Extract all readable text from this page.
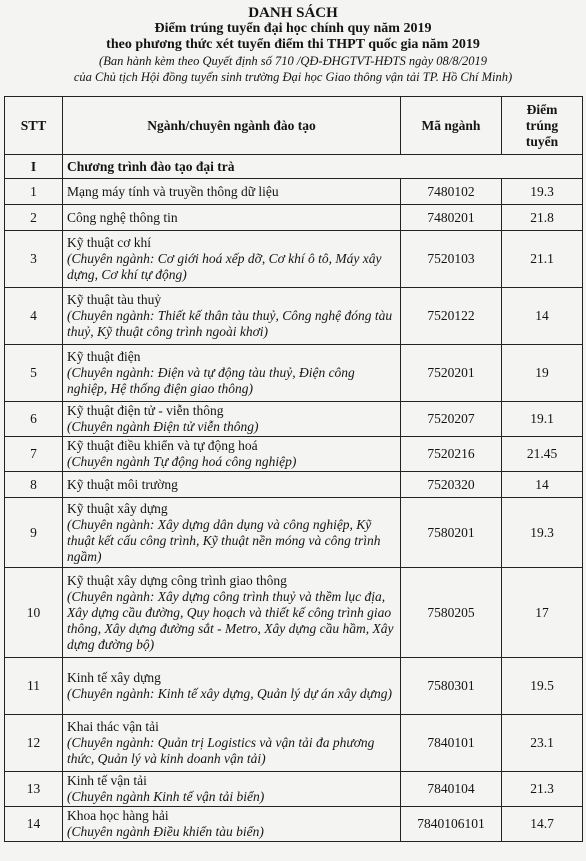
DANH SÁCH
Điểm trúng tuyển đại học chính quy năm 2019
theo phương thức xét tuyển điểm thi THPT quốc gia năm 2019
(Ban hành kèm theo Quyết định số 710 /QĐ-ĐHGTVT-HĐTS ngày 08/8/2019
của Chủ tịch Hội đồng tuyển sinh trường Đại học Giao thông vận tải TP. Hồ Chí Minh)
STT	Ngành/chuyên ngành đào tạo	Mã ngành	Điểm
trúng
tuyển

I	Chương trình đào tạo đại trà		
1	Mạng máy tính và truyền thông dữ liệu	7480102	19.3
2	Công nghệ thông tin	7480201	21.8
3	Kỹ thuật cơ khí
(Chuyên ngành: Cơ giới hoá xếp dỡ, Cơ khí ô tô, Máy xây dựng, Cơ khí tự động)	7520103	21.1
4	Kỹ thuật tàu thuỷ
(Chuyên ngành: Thiết kế thân tàu thuỷ, Công nghệ đóng tàu thuỷ, Kỹ thuật công trình ngoài khơi)	7520122	14
5	Kỹ thuật điện
(Chuyên ngành: Điện và tự động tàu thuỷ, Điện công nghiệp, Hệ thống điện giao thông)	7520201	19
6	Kỹ thuật điện tử - viễn thông
(Chuyên ngành Điện tử viễn thông)	7520207	19.1
7	Kỹ thuật điều khiển và tự động hoá
(Chuyên ngành Tự động hoá công nghiệp)	7520216	21.45
8	Kỹ thuật môi trường	7520320	14
9	Kỹ thuật xây dựng
(Chuyên ngành: Xây dựng dân dụng và công nghiệp, Kỹ thuật kết cấu công trình, Kỹ thuật nền móng và công trình ngầm)	7580201	19.3
10	Kỹ thuật xây dựng công trình giao thông
(Chuyên ngành: Xây dựng công trình thuỷ và thềm lục địa, Xây dựng cầu đường, Quy hoạch và thiết kế công trình giao thông, Xây dựng đường sắt - Metro, Xây dựng cầu hầm, Xây dựng đường bộ)	7580205	17
11	Kinh tế xây dựng
(Chuyên ngành: Kinh tế xây dựng, Quản lý dự án xây dựng)	7580301	19.5
12	Khai thác vận tải
(Chuyên ngành: Quản trị Logistics và vận tải đa phương thức, Quản lý và kinh doanh vận tải)	7840101	23.1
13	Kinh tế vận tải
(Chuyên ngành Kinh tế vận tải biển)	7840104	21.3
14	Khoa học hàng hải
(Chuyên ngành Điều khiển tàu biển)	7840106101	14.7
